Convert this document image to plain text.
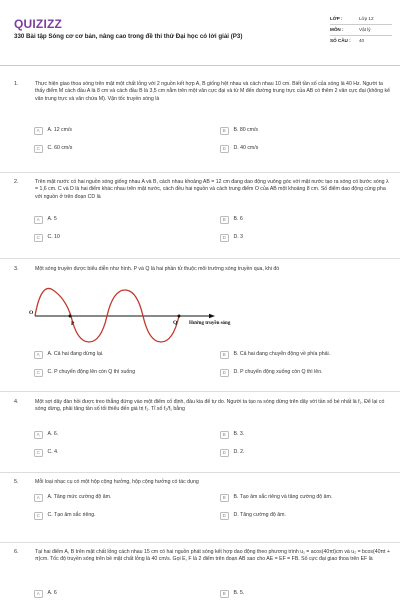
QUIZIZZ
330 Bài tập Sóng cơ cơ bản, nâng cao trong đề thi thử Đại học có lời giải (P3)
LỚP :	Lớp 12
MÔN :	Vật lý
SỐ CÂU :	40
1.	Thực hiện giao thoa sóng trên mặt một chất lỏng với 2 nguồn kết hợp A, B giống hệt nhau và cách nhau 10 cm. Biết tần số của sóng là 40 Hz. Người ta thấy điểm M cách đầu A là 8 cm và cách đầu B là 3,5 cm nằm trên một vân cực đại và từ M đến đường trung trực của AB có thêm 2 vân cực đại (không kể vân trung trực và vân chứa M). Vận tốc truyền sóng là
A	A. 12 cm/s	B	B. 80 cm/s
C	C. 60 cm/s	D	D. 40 cm/s
2.	Trên mặt nước có hai nguồn sóng giống nhau A và B, cách nhau khoảng AB = 12 cm đang dao động vuông góc với mặt nước tạo ra sóng có bước sóng λ = 1,6 cm. C và D là hai điểm khác nhau trên mặt nước, cách đều hai nguồn và cách trung điểm O của AB một khoảng 8 cm. Số điểm dao động cùng pha với nguồn ở trên đoạn CD là
A	A. 5	B	B. 6
C	C. 10	D	D. 3
3.	Một sóng truyền được biểu diễn như hình. P và Q là hai phần tử thuộc môi trường sóng truyền qua, khi đó
A	A. Cả hai đang dừng lại.	B	B. Cả hai đang chuyển động về phía phải.
C	C. P chuyển động lên còn Q thì xuống	D	D. P chuyển động xuống còn Q thì lên.
O
P	Q Hướng truyền sóng
4.	Một sợi dây đàn hồi được treo thẳng đứng vào một điểm cố định, đầu kia để tự do. Người ta tạo ra sóng dừng trên dây với tần số bé nhất là f₁. Để lại có sóng dừng, phải tăng tần số tối thiểu đến giá trị f₂. Tỉ số f₂/f₁ bằng
A	A. 6.	B	B. 3.
C	C. 4.	D	D. 2.
5.	Mỗi loại nhạc cụ có một hộp cộng hưởng, hộp cộng hưởng có tác dụng
A	A. Tăng mức cường độ âm.	B	B. Tạo âm sắc riêng và tăng cường độ âm.
C	C. Tạo âm sắc riêng.	D	D. Tăng cường độ âm.
6.	Tại hai điểm A, B trên mặt chất lỏng cách nhau 15 cm có hai nguồn phát sóng kết hợp dao động theo phương trình u₁ = acos(40πt)cm và u₂ = bcos(40πt + π)cm. Tốc độ truyền sóng trên bề mặt chất lỏng là 40 cm/s. Gọi E, F là 2 điểm trên đoạn AB sao cho AE = EF = FB. Số cực đại giao thoa trên EF là
A	A. 6	B	B. 5.
